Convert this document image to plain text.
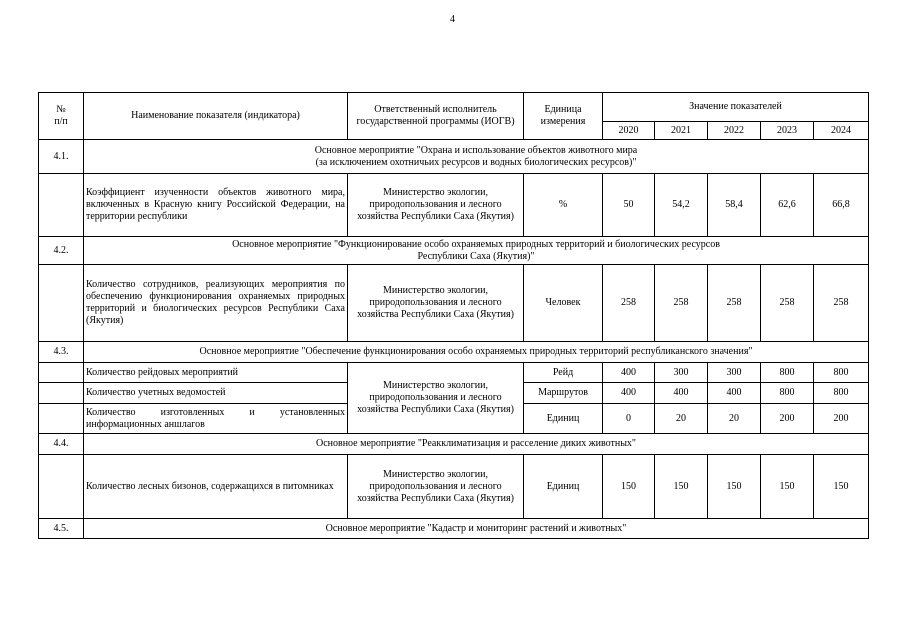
4
№
п/п	Наименование показателя (индикатора)	Ответственный исполнитель государственной программы (ИОГВ)	Единица измерения	Значение показателей				
				2020	2021	2022	2023	2024
4.1.	Основное мероприятие "Охрана и использование объектов животного мира
(за исключением охотничьих ресурсов и водных биологических ресурсов)"							
	Коэффициент изученности объектов животного мира, включенных в Красную книгу Российской Федерации, на территории республики	Министерство экологии, природопользования и лесного хозяйства Республики Саха (Якутия)	%	50	54,2	58,4	62,6	66,8
4.2.	Основное мероприятие "Функционирование особо охраняемых природных территорий и биологических ресурсов
Республики Саха (Якутия)"							
	Количество сотрудников, реализующих мероприятия по обеспечению функционирования охраняемых природных территорий и биологических ресурсов Республики Саха (Якутия)	Министерство экологии, природопользования и лесного хозяйства Республики Саха (Якутия)	Человек	258	258	258	258	258
4.3.	Основное мероприятие "Обеспечение функционирования особо охраняемых природных территорий республиканского значения"							
	Количество рейдовых мероприятий	Министерство экологии, природопользования и лесного хозяйства Республики Саха (Якутия)	Рейд	400	300	300	800	800
	Количество учетных ведомостей		Маршрутов	400	400	400	800	800
	Количество изготовленных и установленных информационных аншлагов		Единиц	0	20	20	200	200
4.4.	Основное мероприятие "Реакклиматизация и расселение диких животных"							
	Количество лесных бизонов, содержащихся в питомниках	Министерство экологии, природопользования и лесного хозяйства Республики Саха (Якутия)	Единиц	150	150	150	150	150
4.5.	Основное мероприятие "Кадастр и мониторинг растений и животных"							
